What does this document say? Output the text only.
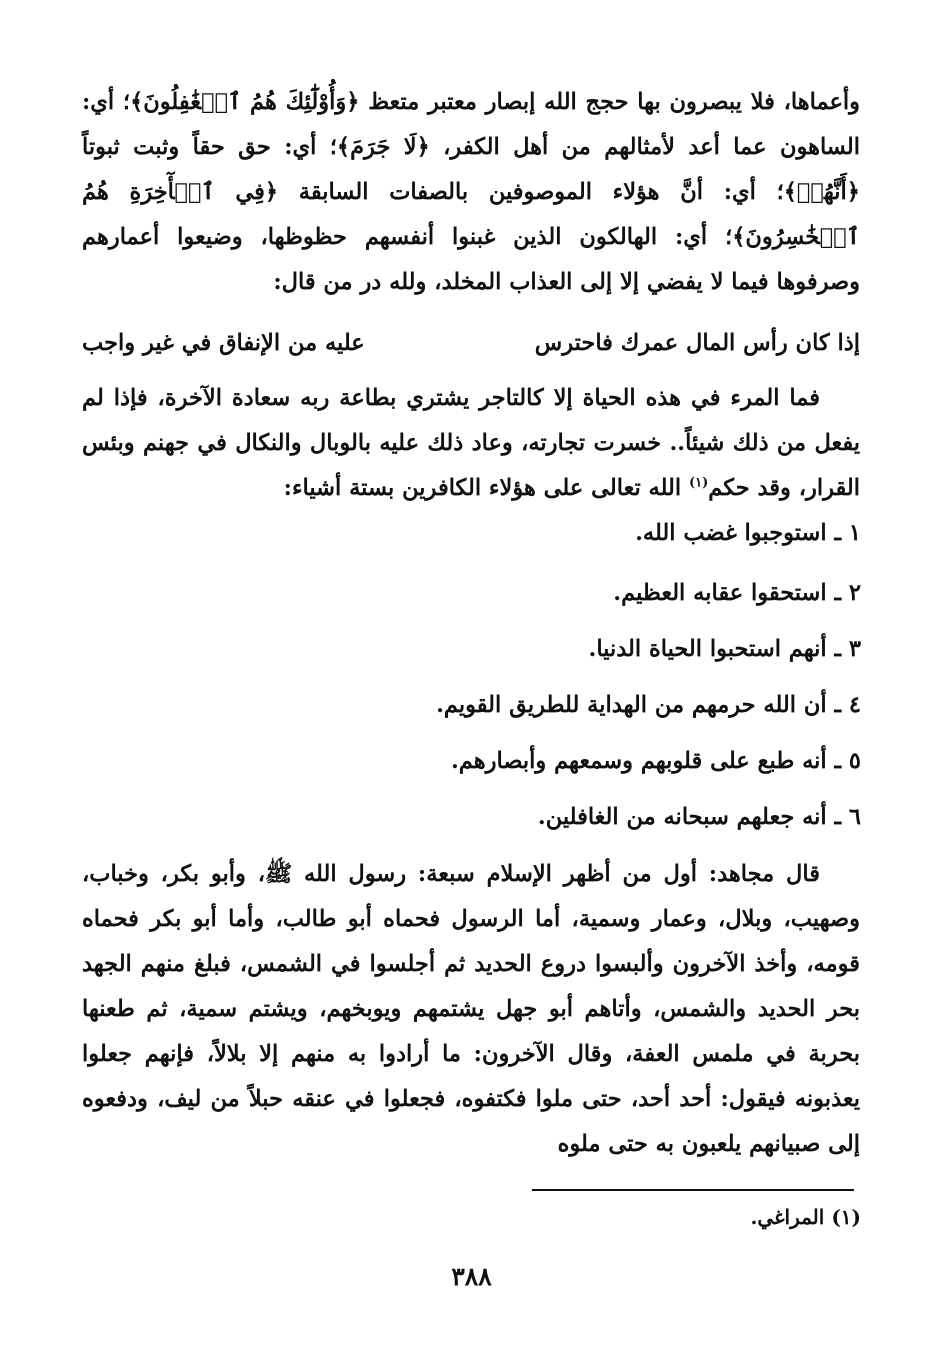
وأعماها، فلا يبصرون بها حجج الله إبصار معتبر متعظ ﴿وَأُوْلَٰٓئِكَ هُمُ ٱلۡغَٰفِلُونَ﴾؛ أي: الساهون عما أعد لأمثالهم من أهل الكفر، ﴿لَا جَرَمَ﴾؛ أي: حق حقاً وثبت ثبوتاً ﴿أَنَّهُمۡ﴾؛ أي: أنَّ هؤلاء الموصوفين بالصفات السابقة ﴿فِي ٱلۡأٓخِرَةِ هُمُ ٱلۡخَٰسِرُونَ﴾؛ أي: الهالكون الذين غبنوا أنفسهم حظوظها، وضيعوا أعمارهم وصرفوها فيما لا يفضي إلا إلى العذاب المخلد، ولله در من قال:

إذا كان رأس المال عمرك فاحترس
عليه من الإنفاق في غير واجب

فما المرء في هذه الحياة إلا كالتاجر يشتري بطاعة ربه سعادة الآخرة، فإذا لم يفعل من ذلك شيئاً.. خسرت تجارته، وعاد ذلك عليه بالوبال والنكال في جهنم وبئس القرار، وقد حكم$^{(١)}$ الله تعالى على هؤلاء الكافرين بستة أشياء:

١ ـ استوجبوا غضب الله.
٢ ـ استحقوا عقابه العظيم.
٣ ـ أنهم استحبوا الحياة الدنيا.
٤ ـ أن الله حرمهم من الهداية للطريق القويم.
٥ ـ أنه طبع على قلوبهم وسمعهم وأبصارهم.
٦ ـ أنه جعلهم سبحانه من الغافلين.

قال مجاهد: أول من أظهر الإسلام سبعة: رسول الله ﷺ، وأبو بكر، وخباب، وصهيب، وبلال، وعمار وسمية، أما الرسول فحماه أبو طالب، وأما أبو بكر فحماه قومه، وأخذ الآخرون وألبسوا دروع الحديد ثم أجلسوا في الشمس، فبلغ منهم الجهد بحر الحديد والشمس، وأتاهم أبو جهل يشتمهم ويوبخهم، ويشتم سمية، ثم طعنها بحربة في ملمس العفة، وقال الآخرون: ما أرادوا به منهم إلا بلالاً، فإنهم جعلوا يعذبونه فيقول: أحد أحد، حتى ملوا فكتفوه، فجعلوا في عنقه حبلاً من ليف، ودفعوه إلى صبيانهم يلعبون به حتى ملوه

(١) المراغي.
٣٨٨
